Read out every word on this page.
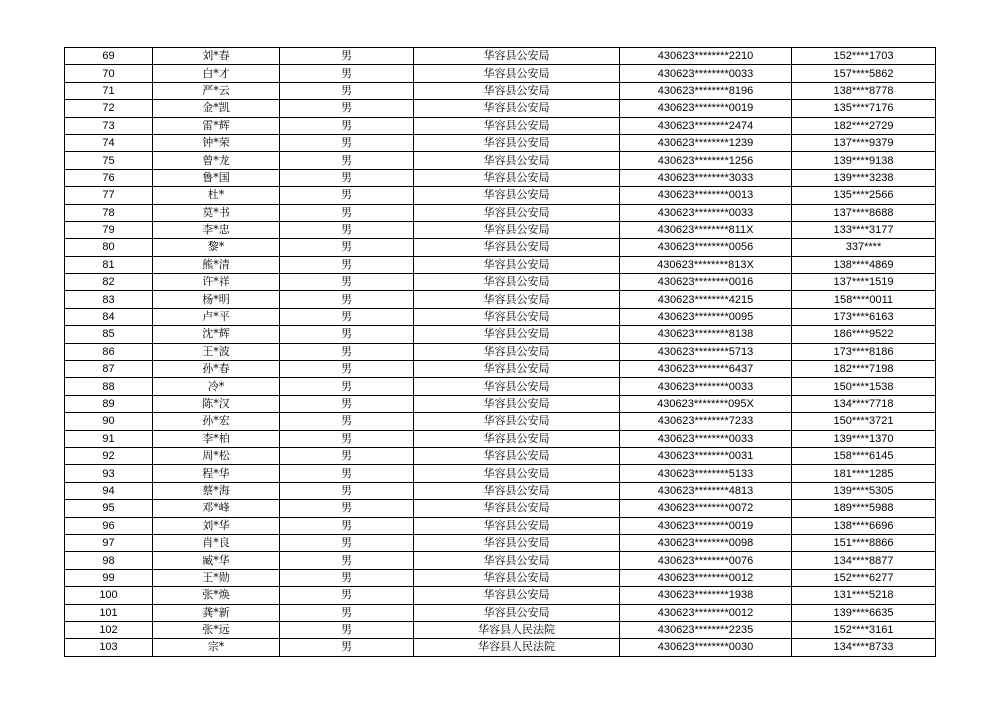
69	刘*春	男	华容县公安局	430623********2210	152****1703
70	白*才	男	华容县公安局	430623********0033	157****5862
71	严*云	男	华容县公安局	430623********8196	138****8778
72	金*凯	男	华容县公安局	430623********0019	135****7176
73	雷*辉	男	华容县公安局	430623********2474	182****2729
74	钟*荣	男	华容县公安局	430623********1239	137****9379
75	曾*龙	男	华容县公安局	430623********1256	139****9138
76	鲁*国	男	华容县公安局	430623********3033	139****3238
77	杜*	男	华容县公安局	430623********0013	135****2566
78	莫*书	男	华容县公安局	430623********0033	137****8688
79	李*忠	男	华容县公安局	430623********811X	133****3177
80	黎*	男	华容县公安局	430623********0056	337****
81	熊*清	男	华容县公安局	430623********813X	138****4869
82	许*祥	男	华容县公安局	430623********0016	137****1519
83	杨*明	男	华容县公安局	430623********4215	158****0011
84	卢*平	男	华容县公安局	430623********0095	173****6163
85	沈*辉	男	华容县公安局	430623********8138	186****9522
86	王*波	男	华容县公安局	430623********5713	173****8186
87	孙*春	男	华容县公安局	430623********6437	182****7198
88	冷*	男	华容县公安局	430623********0033	150****1538
89	陈*汉	男	华容县公安局	430623********095X	134****7718
90	孙*宏	男	华容县公安局	430623********7233	150****3721
91	李*柏	男	华容县公安局	430623********0033	139****1370
92	周*松	男	华容县公安局	430623********0031	158****6145
93	程*华	男	华容县公安局	430623********5133	181****1285
94	蔡*海	男	华容县公安局	430623********4813	139****5305
95	邓*峰	男	华容县公安局	430623********0072	189****5988
96	刘*华	男	华容县公安局	430623********0019	138****6696
97	肖*良	男	华容县公安局	430623********0098	151****8866
98	臧*华	男	华容县公安局	430623********0076	134****8877
99	王*勋	男	华容县公安局	430623********0012	152****6277
100	张*焕	男	华容县公安局	430623********1938	131****5218
101	龚*新	男	华容县公安局	430623********0012	139****6635
102	张*远	男	华容县人民法院	430623********2235	152****3161
103	宗*	男	华容县人民法院	430623********0030	134****8733
